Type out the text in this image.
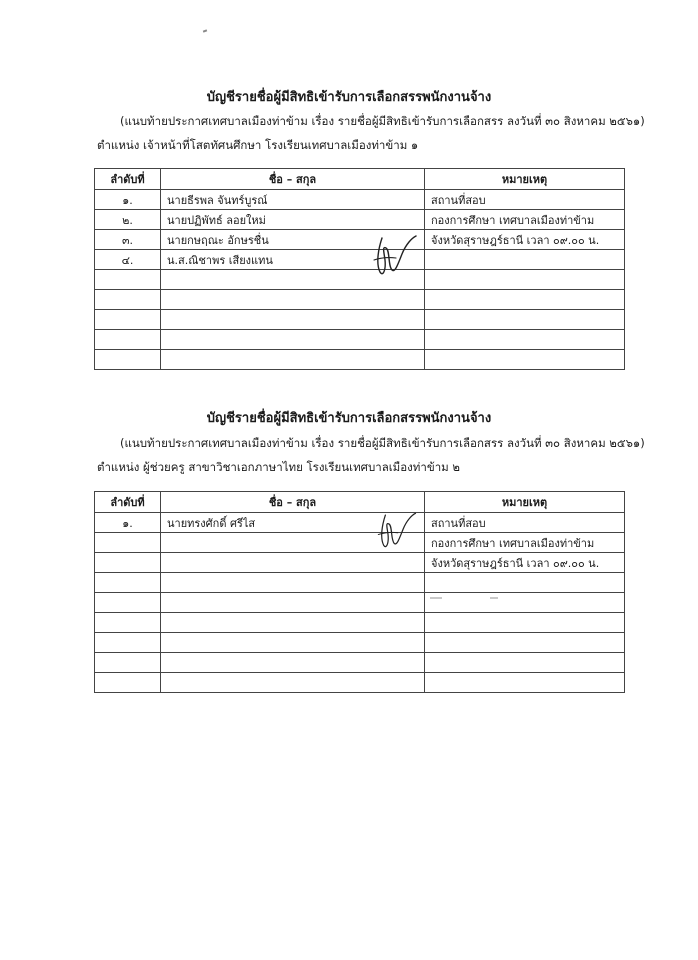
บัญชีรายชื่อผู้มีสิทธิเข้ารับการเลือกสรรพนักงานจ้าง
(แนบท้ายประกาศเทศบาลเมืองท่าข้าม เรื่อง รายชื่อผู้มีสิทธิเข้ารับการเลือกสรร ลงวันที่ ๓๐ สิงหาคม ๒๕๖๑)
ตำแหน่ง เจ้าหน้าที่โสตทัศนศึกษา โรงเรียนเทศบาลเมืองท่าข้าม ๑
ลำดับที่	ชื่อ – สกุล	หมายเหตุ
๑.	นายธีรพล จันทร์บูรณ์	สถานที่สอบ
๒.	นายปฏิพัทธ์ ลอยใหม่	กองการศึกษา เทศบาลเมืองท่าข้าม
๓.	นายกษฤณะ อักษรชื่น	จังหวัดสุราษฎร์ธานี เวลา ๐๙.๐๐ น.
๔.	น.ส.ณิชาพร เสียงแทน	

บัญชีรายชื่อผู้มีสิทธิเข้ารับการเลือกสรรพนักงานจ้าง
(แนบท้ายประกาศเทศบาลเมืองท่าข้าม เรื่อง รายชื่อผู้มีสิทธิเข้ารับการเลือกสรร ลงวันที่ ๓๐ สิงหาคม ๒๕๖๑)
ตำแหน่ง ผู้ช่วยครู สาขาวิชาเอกภาษาไทย โรงเรียนเทศบาลเมืองท่าข้าม ๒
ลำดับที่	ชื่อ – สกุล	หมายเหตุ
๑.	นายทรงศักดิ์ ศรีไส	สถานที่สอบ
		กองการศึกษา เทศบาลเมืองท่าข้าม
		จังหวัดสุราษฎร์ธานี เวลา ๐๙.๐๐ น.
